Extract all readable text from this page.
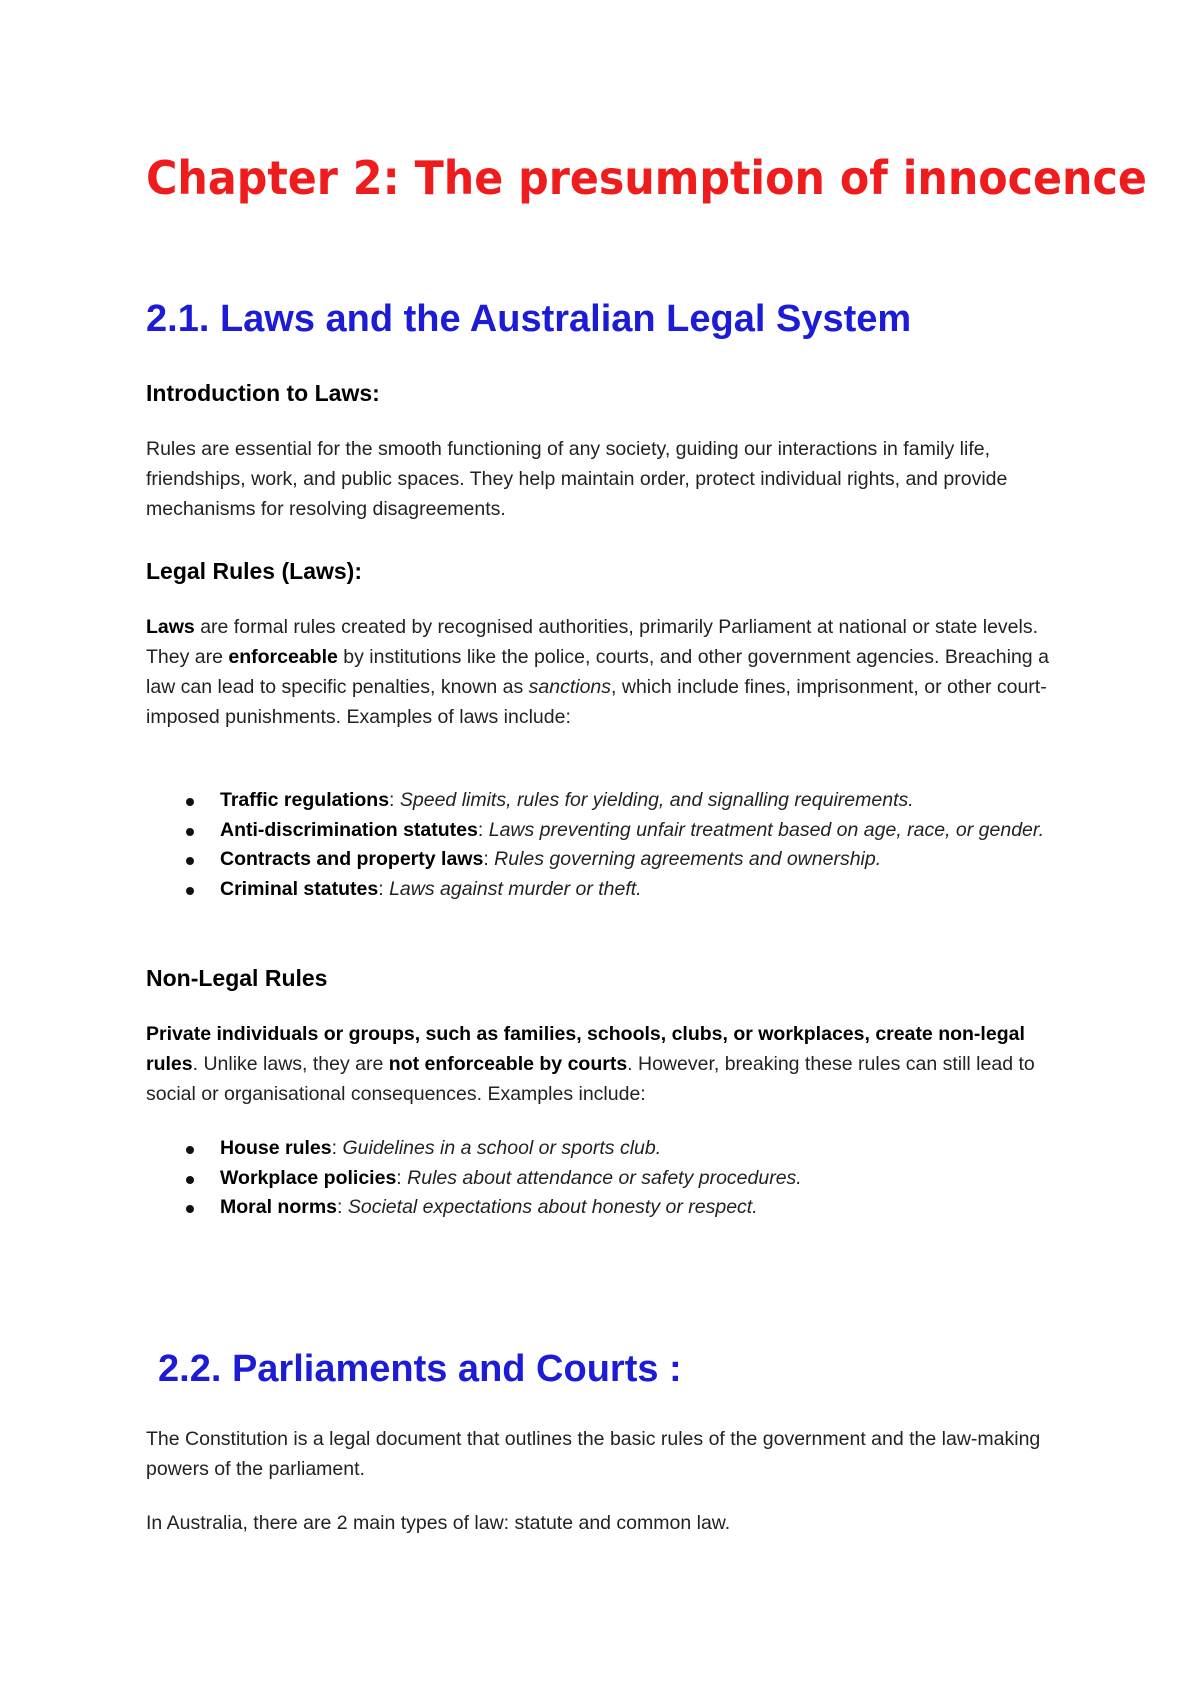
Chapter 2: The presumption of innocence
2.1. Laws and the Australian Legal System
Introduction to Laws:

Rules are essential for the smooth functioning of any society, guiding our interactions in family life, friendships, work, and public spaces. They help maintain order, protect individual rights, and provide mechanisms for resolving disagreements.

Legal Rules (Laws):

Laws are formal rules created by recognised authorities, primarily Parliament at national or state levels. They are enforceable by institutions like the police, courts, and other government agencies. Breaching a law can lead to specific penalties, known as sanctions, which include fines, imprisonment, or other court-imposed punishments. Examples of laws include:

Traffic regulations: Speed limits, rules for yielding, and signalling requirements.
Anti-discrimination statutes: Laws preventing unfair treatment based on age, race, or gender.
Contracts and property laws: Rules governing agreements and ownership.
Criminal statutes: Laws against murder or theft.
Non-Legal Rules

Private individuals or groups, such as families, schools, clubs, or workplaces, create non-legal rules. Unlike laws, they are not enforceable by courts. However, breaking these rules can still lead to social or organisational consequences. Examples include:

House rules: Guidelines in a school or sports club.
Workplace policies: Rules about attendance or safety procedures.
Moral norms: Societal expectations about honesty or respect.
2.2. Parliaments and Courts :

The Constitution is a legal document that outlines the basic rules of the government and the law-making powers of the parliament.

In Australia, there are 2 main types of law: statute and common law.
